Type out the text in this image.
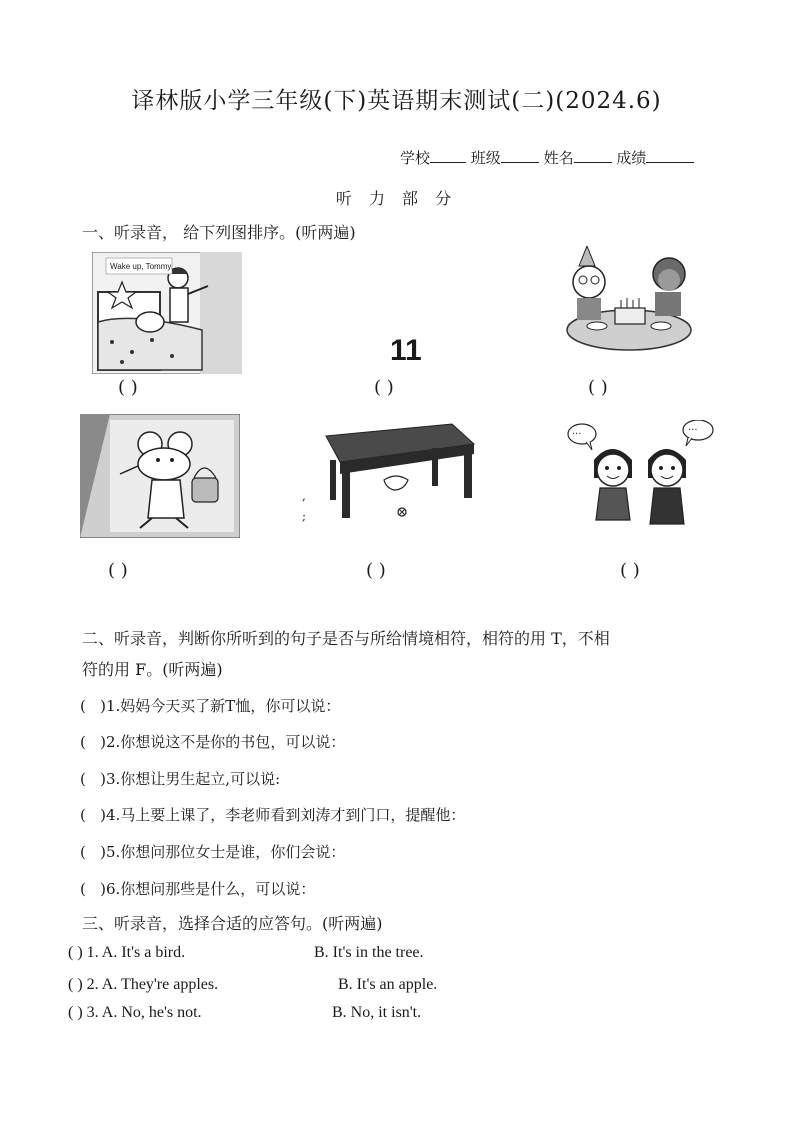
译林版小学三年级(下)英语期末测试(二)(2024.6)
学校	班级	姓名	成绩
听 力 部 分
一、听录音， 给下列图排序。(听两遍)
Wake up, Tommy.
11
( )	( )	( )
,
;
···	···
( )	( )	( )
二、听录音，判断你所听到的句子是否与所给情境相符，相符的用 T，不相
符的用 F。(听两遍)
(   )1.妈妈今天买了新T恤，你可以说：
(   )2.你想说这不是你的书包，可以说：
(   )3.你想让男生起立,可以说:
(   )4.马上要上课了，李老师看到刘涛才到门口，提醒他：
(   )5.你想问那位女士是谁，你们会说：
(   )6.你想问那些是什么，可以说：
三、听录音，选择合适的应答句。(听两遍)
( ) 1. A. It's a bird.	B. It's in the tree.
( ) 2. A. They're apples.	B. It's an apple.
( ) 3. A. No, he's not.	B. No, it isn't.
